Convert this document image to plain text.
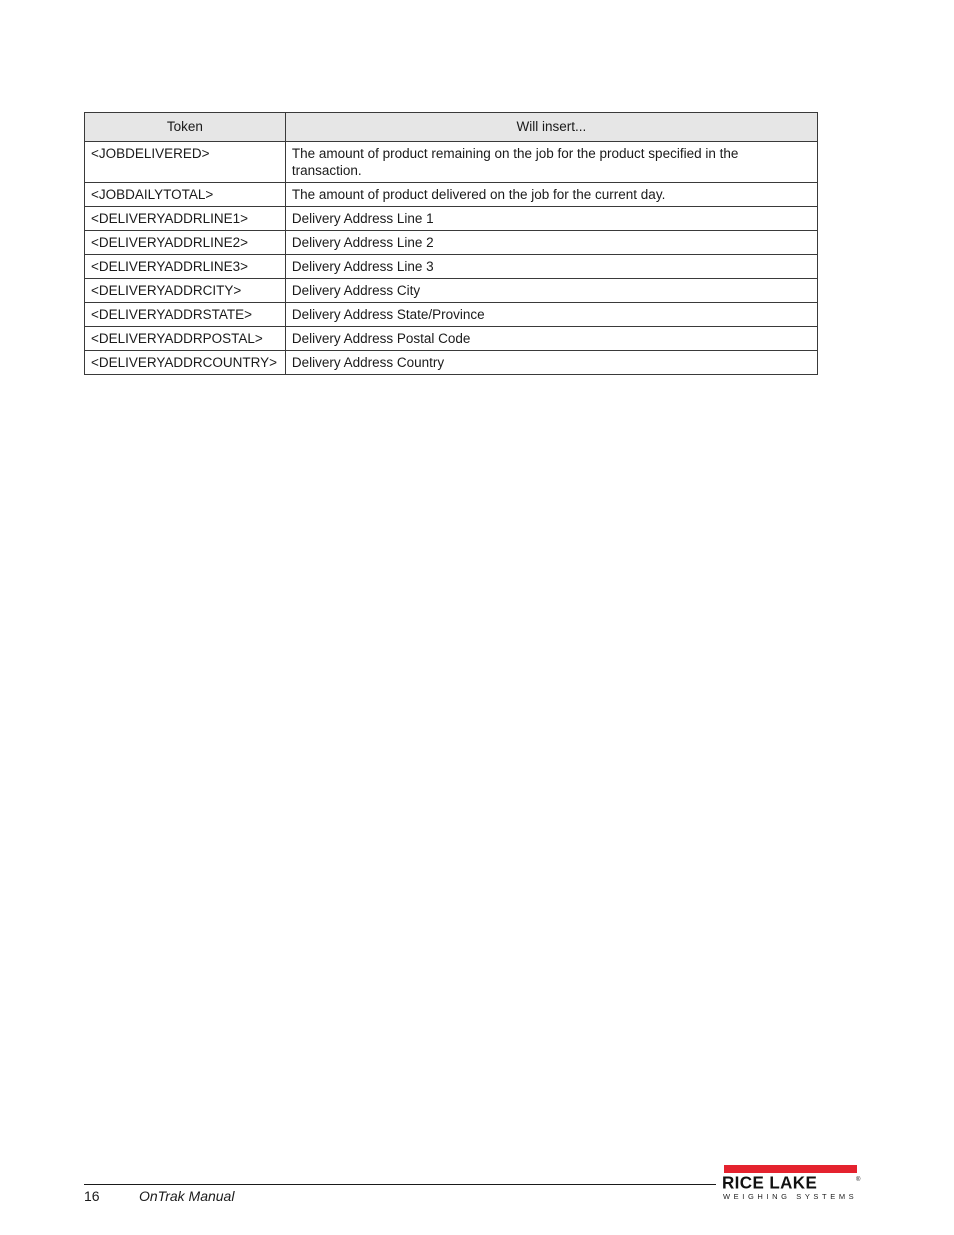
Token	Will insert...
<JOBDELIVERED>	The amount of product remaining on the job for the product specified in the transaction.
<JOBDAILYTOTAL>	The amount of product delivered on the job for the current day.
<DELIVERYADDRLINE1>	Delivery Address Line 1
<DELIVERYADDRLINE2>	Delivery Address Line 2
<DELIVERYADDRLINE3>	Delivery Address Line 3
<DELIVERYADDRCITY>	Delivery Address City
<DELIVERYADDRSTATE>	Delivery Address State/Province
<DELIVERYADDRPOSTAL>	Delivery Address Postal Code
<DELIVERYADDRCOUNTRY>	Delivery Address Country
16	OnTrak Manual
RICE LAKE	®
WEIGHING SYSTEMS
